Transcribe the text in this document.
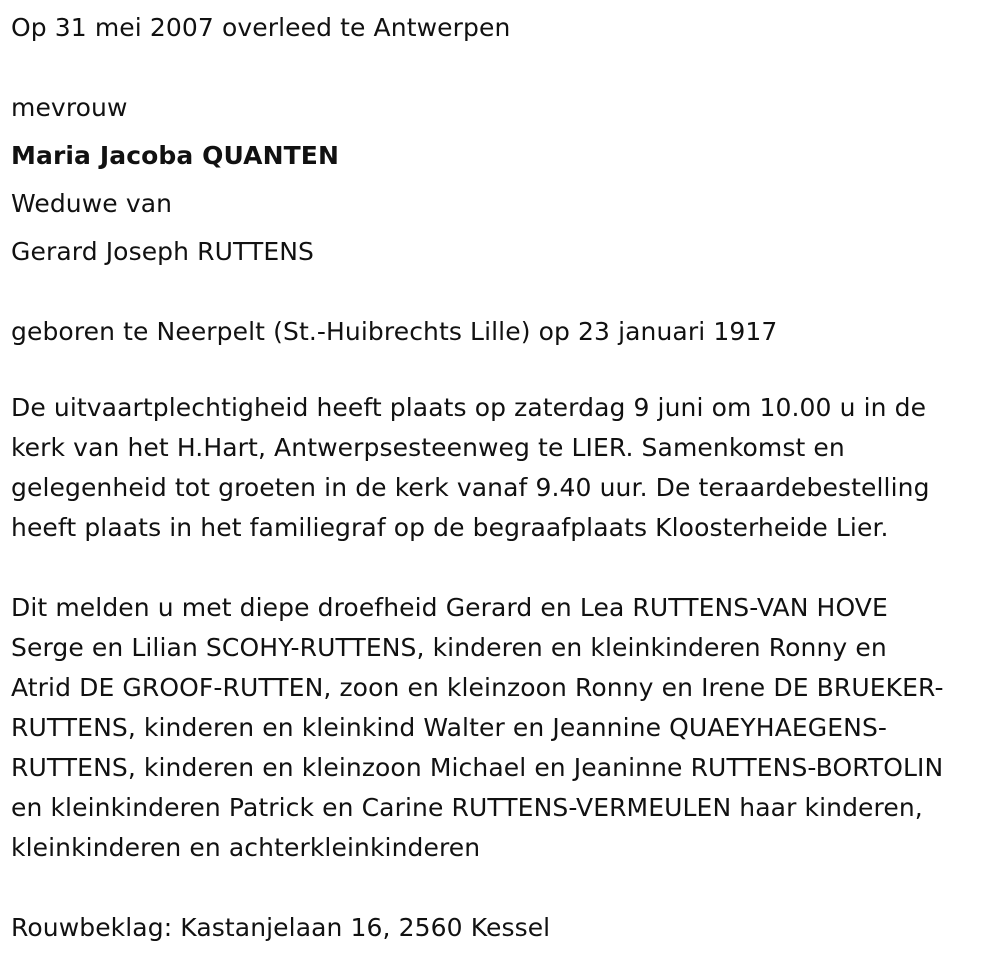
Op 31 mei 2007 overleed te Antwerpen

mevrouw

Maria Jacoba QUANTEN

Weduwe van

Gerard Joseph RUTTENS

geboren te Neerpelt (St.-Huibrechts Lille) op 23 januari 1917

De uitvaartplechtigheid heeft plaats op zaterdag 9 juni om 10.00 u in de
kerk van het H.Hart, Antwerpsesteenweg te LIER. Samenkomst en
gelegenheid tot groeten in de kerk vanaf 9.40 uur. De teraardebestelling
heeft plaats in het familiegraf op de begraafplaats Kloosterheide Lier.
Dit melden u met diepe droefheid Gerard en Lea RUTTENS-VAN HOVE
Serge en Lilian SCOHY-RUTTENS, kinderen en kleinkinderen Ronny en
Atrid DE GROOF-RUTTEN, zoon en kleinzoon Ronny en Irene DE BRUEKER-
RUTTENS, kinderen en kleinkind Walter en Jeannine QUAEYHAEGENS-
RUTTENS, kinderen en kleinzoon Michael en Jeaninne RUTTENS-BORTOLIN
en kleinkinderen Patrick en Carine RUTTENS-VERMEULEN haar kinderen,
kleinkinderen en achterkleinkinderen

Rouwbeklag: Kastanjelaan 16, 2560 Kessel
